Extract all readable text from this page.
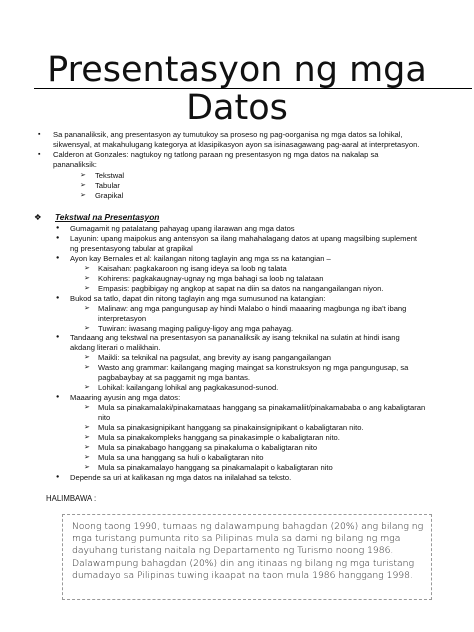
Presentasyon ng mga
Datos
▪ Sa pananaliksik, ang presentasyon ay tumutukoy sa proseso ng pag-oorganisa ng mga datos sa lohikal,
sikwensyal, at makahulugang kategorya at klasipikasyon ayon sa isinasagawang pag-aaral at interpretasyon.
▪ Calderon at Gonzales: nagtukoy ng tatlong paraan ng presentasyon ng mga datos na nakalap sa
pananaliksik:
➢ Tekstwal
➢ Tabular
➢ Grapikal
❖ Tekstwal na Presentasyon
● Gumagamit ng patalatang pahayag upang ilarawan ang mga datos
● Layunin: upang maipokus ang antensyon sa ilang mahahalagang datos at upang magsilbing suplement
ng presentasyong tabular at grapikal
● Ayon kay Bernales et al: kailangan nitong taglayin ang mga ss na katangian –
➢ Kaisahan: pagkakaroon ng isang ideya sa loob ng talata
➢ Kohirens: pagkakaugnay-ugnay ng mga bahagi sa loob ng talataan
➢ Empasis: pagbibigay ng angkop at sapat na diin sa datos na nangangailangan niyon.
● Bukod sa tatlo, dapat din nitong taglayin ang mga sumusunod na katangian:
➢ Malinaw: ang mga pangungusap ay hindi Malabo o hindi maaaring magbunga ng iba't ibang
interpretasyon
➢ Tuwiran: iwasang maging paliguy-ligoy ang mga pahayag.
● Tandaang ang tekstwal na presentasyon sa pananaliksik ay isang teknikal na sulatin at hindi isang
akdang literari o malikhain.
➢ Maikli: sa teknikal na pagsulat, ang brevity ay isang pangangailangan
➢ Wasto ang grammar: kailangang maging maingat sa konstruksyon ng mga pangungusap, sa
pagbabaybay at sa paggamit ng mga bantas.
➢ Lohikal: kailangang lohikal ang pagkakasunod-sunod.
● Maaaring ayusin ang mga datos:
➢ Mula sa pinakamalaki/pinakamataas hanggang sa pinakamaliit/pinakamababa o ang kabaligtaran
nito
➢ Mula sa pinakasignipikant hanggang sa pinakainsignipikant o kabaligtaran nito.
➢ Mula sa pinakakompleks hanggang sa pinakasimple o kabaligtaran nito.
➢ Mula sa pinakabago hanggang sa pinakaluma o kabaligtaran nito
➢ Mula sa una hanggang sa huli o kabaligtaran nito
➢ Mula sa pinakamalayo hanggang sa pinakamalapit o kabaligtaran nito
● Depende sa uri at kalikasan ng mga datos na inilalahad sa teksto.
HALIMBAWA :
Noong taong 1990, tumaas ng dalawampung bahagdan (20%) ang bilang ng
mga turistang pumunta rito sa Pilipinas mula sa dami ng bilang ng mga
dayuhang turistang naitala ng Departamento ng Turismo noong 1986.
Dalawampung bahagdan (20%) din ang itinaas ng bilang ng mga turistang
dumadayo sa Pilipinas tuwing ikaapat na taon mula 1986 hanggang 1998.
